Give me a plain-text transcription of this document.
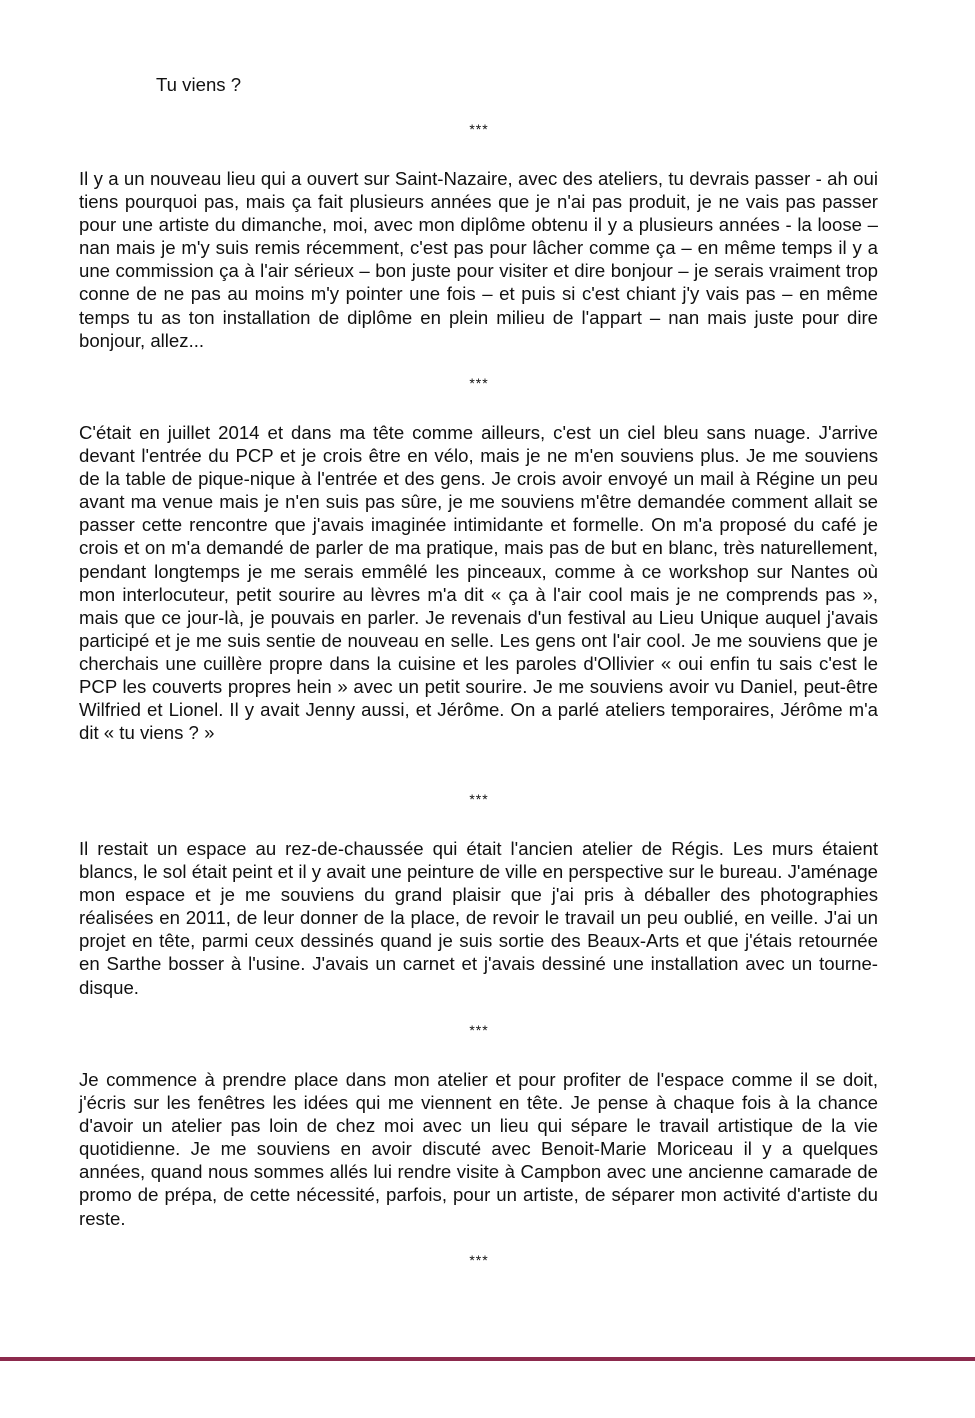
Tu viens ?

***

Il y a un nouveau lieu qui a ouvert sur Saint-Nazaire, avec des ateliers, tu devrais passer - ah oui tiens pourquoi pas, mais ça fait plusieurs années que je n'ai pas produit, je ne vais pas passer pour une artiste du dimanche, moi, avec mon diplôme obtenu il y a plusieurs années - la loose – nan mais je m'y suis remis récemment, c'est pas pour lâcher comme ça – en même temps il y a une commission ça à l'air sérieux – bon juste pour visiter et dire bonjour – je serais vraiment trop conne de ne pas au moins m'y pointer une fois – et puis si c'est chiant j'y vais pas – en même temps tu as ton installation de diplôme en plein milieu de l'appart – nan mais juste pour dire bonjour, allez...

***

C'était en juillet 2014 et dans ma tête comme ailleurs, c'est un ciel bleu sans nuage. J'arrive devant l'entrée du PCP et je crois être en vélo, mais je ne m'en souviens plus. Je me souviens de la table de pique-nique à l'entrée et des gens. Je crois avoir envoyé un mail à Régine un peu avant ma venue mais je n'en suis pas sûre, je me souviens m'être demandée comment allait se passer cette rencontre que j'avais imaginée intimidante et formelle. On m'a proposé du café je crois et on m'a demandé de parler de ma pratique, mais pas de but en blanc, très naturellement, pendant longtemps je me serais emmêlé les pinceaux, comme à ce workshop sur Nantes où mon interlocuteur, petit sourire au lèvres m'a dit « ça à l'air cool mais je ne comprends pas », mais que ce jour-là, je pouvais en parler. Je revenais d'un festival au Lieu Unique auquel j'avais participé et je me suis sentie de nouveau en selle. Les gens ont l'air cool. Je me souviens que je cherchais une cuillère propre dans la cuisine et les paroles d'Ollivier « oui enfin tu sais c'est le PCP les couverts propres hein » avec un petit sourire. Je me souviens avoir vu Daniel, peut-être Wilfried et Lionel. Il y avait Jenny aussi, et Jérôme. On a parlé ateliers temporaires, Jérôme m'a dit « tu viens ? »

***

Il restait un espace au rez-de-chaussée qui était l'ancien atelier de Régis. Les murs étaient blancs, le sol était peint et il y avait une peinture de ville en perspective sur le bureau. J'aménage mon espace et je me souviens du grand plaisir que j'ai pris à déballer des photographies réalisées en 2011, de leur donner de la place, de revoir le travail un peu oublié, en veille. J'ai un projet en tête, parmi ceux dessinés quand je suis sortie des Beaux-Arts et que j'étais retournée en Sarthe bosser à l'usine. J'avais un carnet et j'avais dessiné une installation avec un tourne-disque.

***

Je commence à prendre place dans mon atelier et pour profiter de l'espace comme il se doit, j'écris sur les fenêtres les idées qui me viennent en tête. Je pense à chaque fois à la chance d'avoir un atelier pas loin de chez moi avec un lieu qui sépare le travail artistique de la vie quotidienne. Je me souviens en avoir discuté avec Benoit-Marie Moriceau il y a quelques années, quand nous sommes allés lui rendre visite à Campbon avec une ancienne camarade de promo de prépa, de cette nécessité, parfois, pour un artiste, de séparer mon activité d'artiste du reste.

***
